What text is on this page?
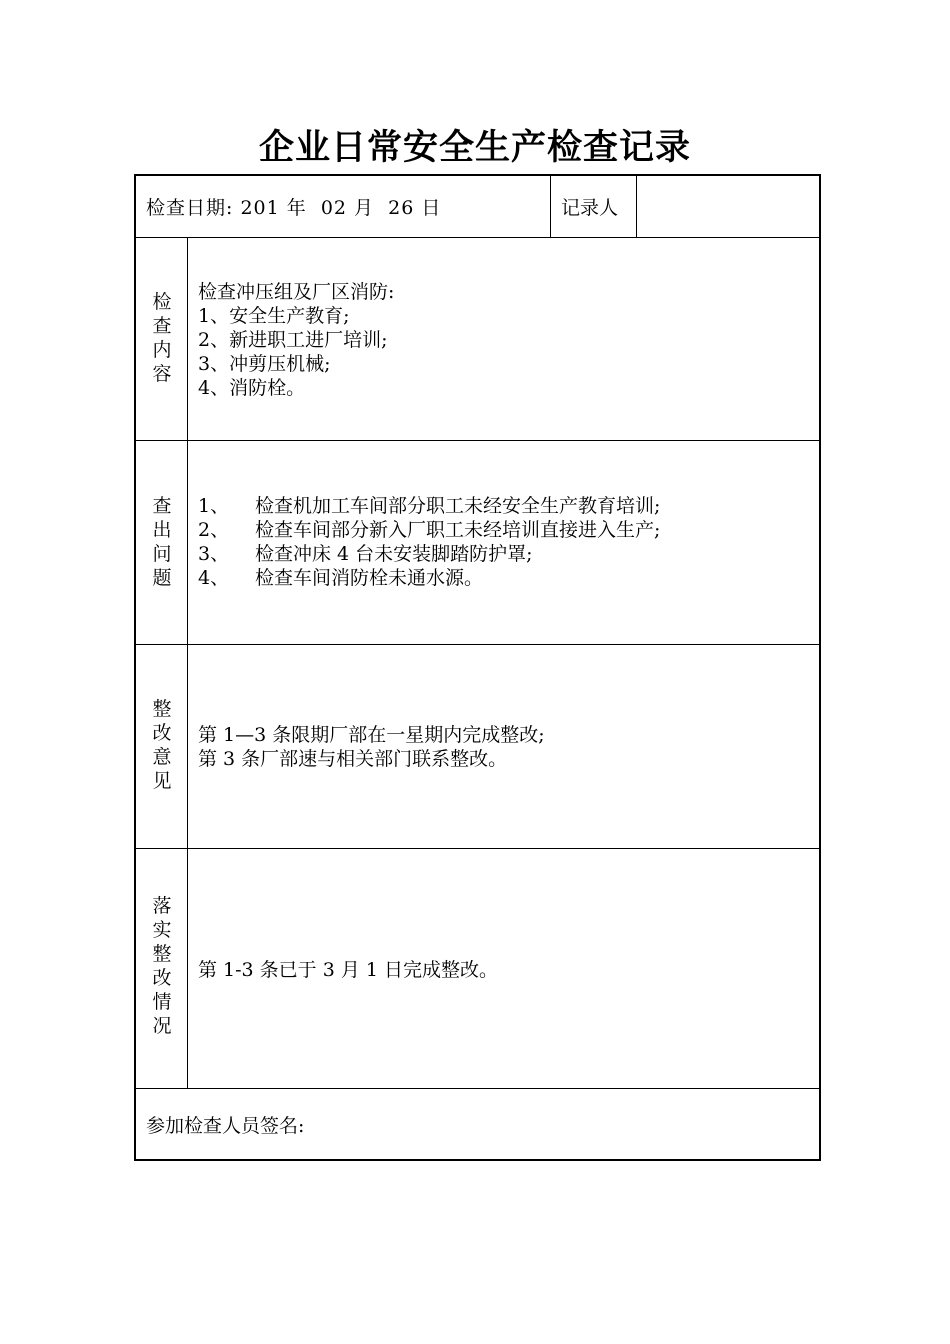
企业日常安全生产检查记录
检查日期: 201 年  02 月  26 日	记录人
检
查
内
容
检查冲压组及厂区消防:
1、安全生产教育;
2、新进职工进厂培训;
3、冲剪压机械;
4、消防栓。
查
出
问
题
1、 检查机加工车间部分职工未经安全生产教育培训;
2、 检查车间部分新入厂职工未经培训直接进入生产;
3、 检查冲床 4 台未安装脚踏防护罩;
4、 检查车间消防栓未通水源。
整
改
意
见
第 1—3 条限期厂部在一星期内完成整改;
第 3 条厂部速与相关部门联系整改。
落
实
整
改
情
况
第 1-3 条已于 3 月 1 日完成整改。
参加检查人员签名:
